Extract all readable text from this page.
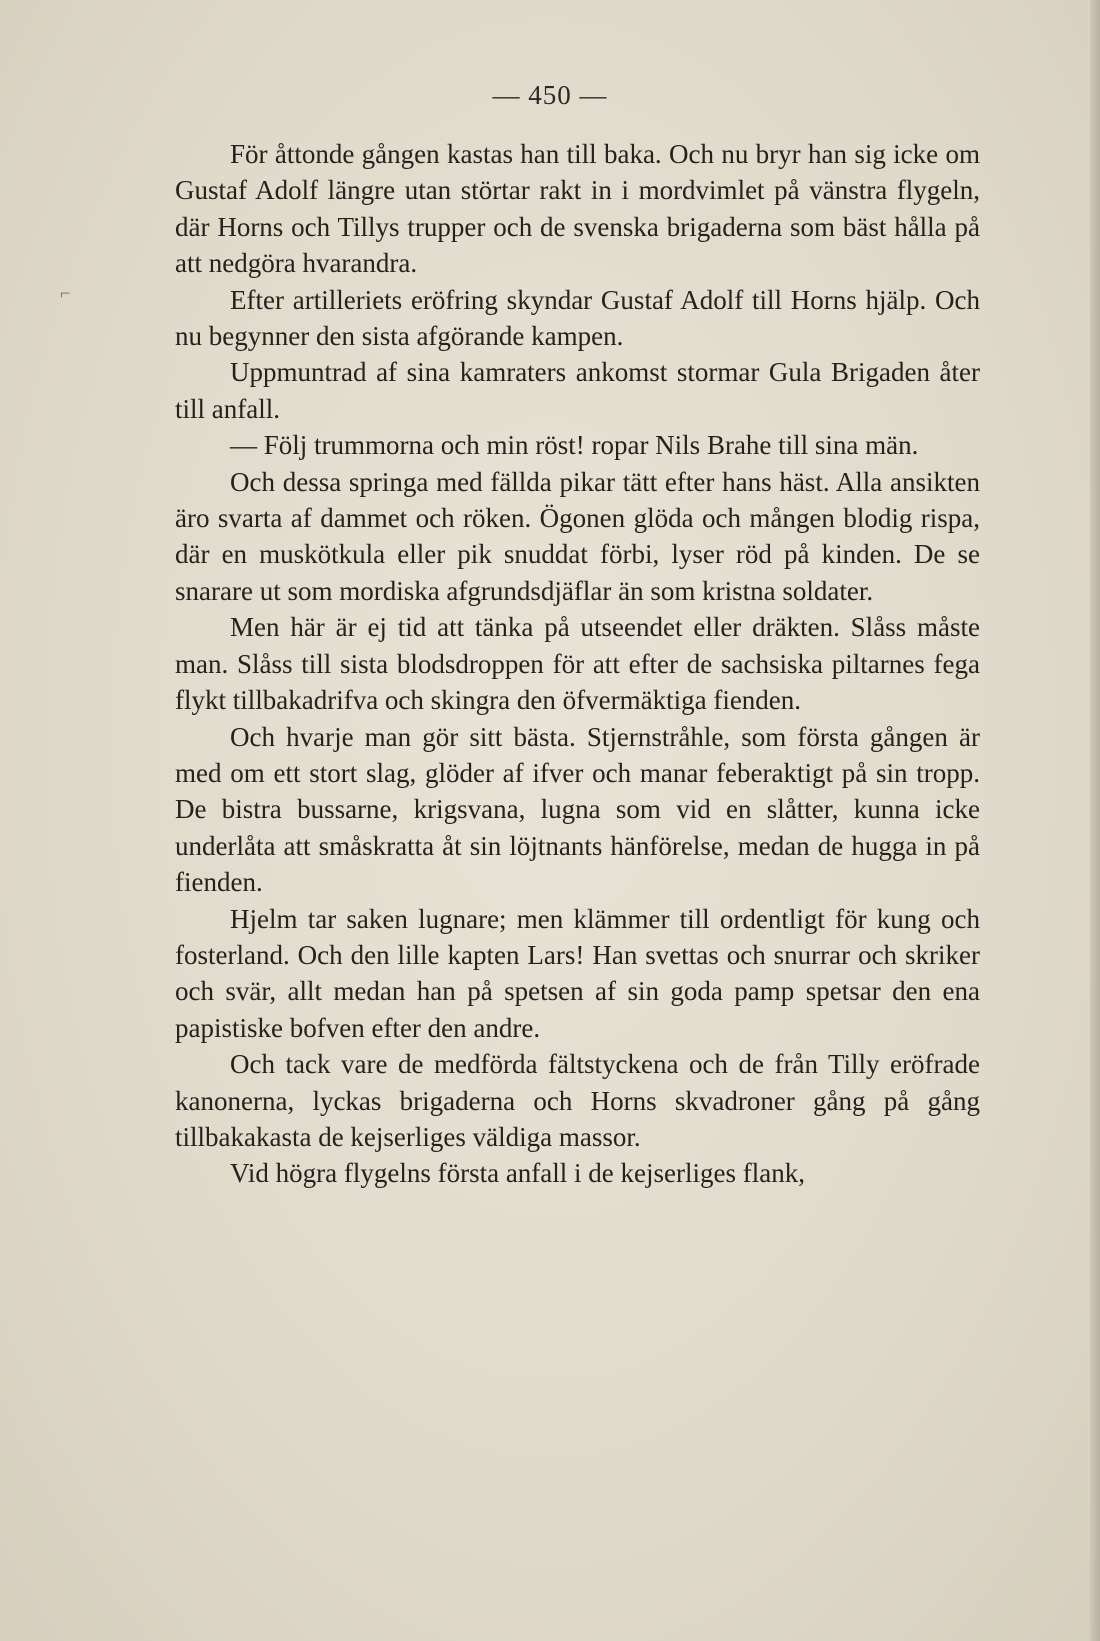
⌐
— 450 —

För åttonde gången kastas han till baka. Och nu bryr han sig icke om Gustaf Adolf längre utan störtar rakt in i mordvimlet på vänstra flygeln, där Horns och Tillys trupper och de svenska brigaderna som bäst hålla på att nedgöra hvarandra.

Efter artilleriets eröfring skyndar Gustaf Adolf till Horns hjälp. Och nu begynner den sista afgörande kampen.

Uppmuntrad af sina kamraters ankomst stormar Gula Brigaden åter till anfall.

— Följ trummorna och min röst! ropar Nils Brahe till sina män.

Och dessa springa med fällda pikar tätt efter hans häst. Alla ansikten äro svarta af dammet och röken. Ögonen glöda och mången blodig rispa, där en muskötkula eller pik snuddat förbi, lyser röd på kinden. De se snarare ut som mordiska afgrundsdjäflar än som kristna soldater.

Men här är ej tid att tänka på utseendet eller dräkten. Slåss måste man. Slåss till sista blodsdroppen för att efter de sachsiska piltarnes fega flykt tillbakadrifva och skingra den öfvermäktiga fienden.

Och hvarje man gör sitt bästa. Stjernstråhle, som första gången är med om ett stort slag, glöder af ifver och manar feberaktigt på sin tropp. De bistra bussarne, krigsvana, lugna som vid en slåtter, kunna icke underlåta att småskratta åt sin löjtnants hänförelse, medan de hugga in på fienden.

Hjelm tar saken lugnare; men klämmer till ordentligt för kung och fosterland. Och den lille kapten Lars! Han svettas och snurrar och skriker och svär, allt medan han på spetsen af sin goda pamp spetsar den ena papistiske bofven efter den andre.

Och tack vare de medförda fältstyckena och de från Tilly eröfrade kanonerna, lyckas brigaderna och Horns skvadroner gång på gång tillbakakasta de kejserliges väldiga massor.

Vid högra flygelns första anfall i de kejserliges flank,
